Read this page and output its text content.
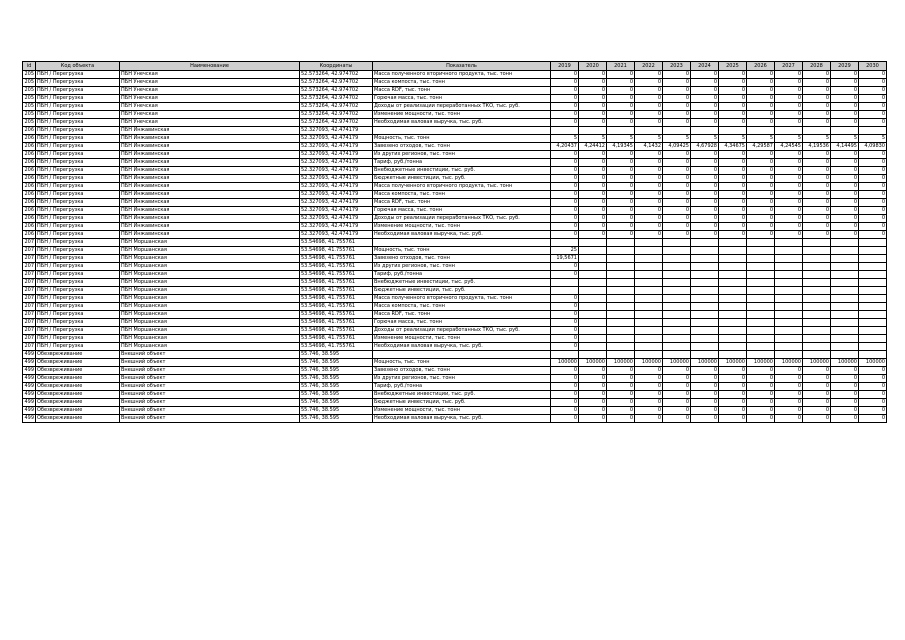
id	Код объекта	Наименование	Координаты	Показатель	2019	2020	2021	2022	2023	2024	2025	2026	2027	2028	2029	2030
205	ПБН / Перегрузка	ПБН Унечская	52.573264, 42.974702	Масса полученного вторичного продукта, тыс. тонн	0	0	0	0	0	0	0	0	0	0	0	0
205	ПБН / Перегрузка	ПБН Унечская	52.573264, 42.974702	Масса компоста, тыс. тонн	0	0	0	0	0	0	0	0	0	0	0	0
205	ПБН / Перегрузка	ПБН Унечская	52.573264, 42.974702	Масса RDF, тыс. тонн	0	0	0	0	0	0	0	0	0	0	0	0
205	ПБН / Перегрузка	ПБН Унечская	52.573264, 42.974702	Горючая масса, тыс. тонн	0	0	0	0	0	0	0	0	0	0	0	0
205	ПБН / Перегрузка	ПБН Унечская	52.573264, 42.974702	Доходы от реализации переработанных ТКО, тыс. руб.	0	0	0	0	0	0	0	0	0	0	0	0
205	ПБН / Перегрузка	ПБН Унечская	52.573264, 42.974702	Изменение мощности, тыс. тонн	0	0	0	0	0	0	0	0	0	0	0	0
205	ПБН / Перегрузка	ПБН Унечская	52.573264, 42.974702	Необходимая валовая выручка, тыс. руб.	0	0	0	0	0	0	0	0	0	0	0	0
206	ПБН / Перегрузка	ПБН Инжавинская	52.327093, 42.474179													
206	ПБН / Перегрузка	ПБН Инжавинская	52.327093, 42.474179	Мощность, тыс. тонн	5	5	5	5	5	5	5	5	5	5	5	5
206	ПБН / Перегрузка	ПБН Инжавинская	52.327093, 42.474179	Завезено отходов, тыс. тонн	4,20437	4,24412	4,19345	4,1432	4,09425	4,67928	4,34675	4,29587	4,24545	4,19536	4,14495	4,09830
206	ПБН / Перегрузка	ПБН Инжавинская	52.327093, 42.474179	Из других регионов, тыс. тонн	0	0	0	0	0	0	0	0	0	0	0	0
206	ПБН / Перегрузка	ПБН Инжавинская	52.327093, 42.474179	Тариф, руб./тонна	0	0	0	0	0	0	0	0	0	0	0	0
206	ПБН / Перегрузка	ПБН Инжавинская	52.327093, 42.474179	Внебюджетные инвестиции, тыс. руб.	0	0	0	0	0	0	0	0	0	0	0	0
206	ПБН / Перегрузка	ПБН Инжавинская	52.327093, 42.474179	Бюджетные инвестиции, тыс. руб.	0	0	0	0	0	0	0	0	0	0	0	0
206	ПБН / Перегрузка	ПБН Инжавинская	52.327093, 42.474179	Масса полученного вторичного продукта, тыс. тонн	0	0	0	0	0	0	0	0	0	0	0	0
206	ПБН / Перегрузка	ПБН Инжавинская	52.327093, 42.474179	Масса компоста, тыс. тонн	0	0	0	0	0	0	0	0	0	0	0	0
206	ПБН / Перегрузка	ПБН Инжавинская	52.327093, 42.474179	Масса RDF, тыс. тонн	0	0	0	0	0	0	0	0	0	0	0	0
206	ПБН / Перегрузка	ПБН Инжавинская	52.327093, 42.474179	Горючая масса, тыс. тонн	0	0	0	0	0	0	0	0	0	0	0	0
206	ПБН / Перегрузка	ПБН Инжавинская	52.327093, 42.474179	Доходы от реализации переработанных ТКО, тыс. руб.	0	0	0	0	0	0	0	0	0	0	0	0
206	ПБН / Перегрузка	ПБН Инжавинская	52.327093, 42.474179	Изменение мощности, тыс. тонн	0	0	0	0	0	0	0	0	0	0	0	0
206	ПБН / Перегрузка	ПБН Инжавинская	52.327093, 42.474179	Необходимая валовая выручка, тыс. руб.	0	0	0	0	0	0	0	0	0	0	0	0
207	ПБН / Перегрузка	ПБН Моршанская	53.54698, 41.755761													
207	ПБН / Перегрузка	ПБН Моршанская	53.54698, 41.755761	Мощность, тыс. тонн	25											
207	ПБН / Перегрузка	ПБН Моршанская	53.54698, 41.755761	Завезено отходов, тыс. тонн	19,5671											
207	ПБН / Перегрузка	ПБН Моршанская	53.54698, 41.755761	Из других регионов, тыс. тонн	0											
207	ПБН / Перегрузка	ПБН Моршанская	53.54698, 41.755761	Тариф, руб./тонна	0											
207	ПБН / Перегрузка	ПБН Моршанская	53.54698, 41.755761	Внебюджетные инвестиции, тыс. руб.												
207	ПБН / Перегрузка	ПБН Моршанская	53.54698, 41.755761	Бюджетные инвестиции, тыс. руб.												
207	ПБН / Перегрузка	ПБН Моршанская	53.54698, 41.755761	Масса полученного вторичного продукта, тыс. тонн	0											
207	ПБН / Перегрузка	ПБН Моршанская	53.54698, 41.755761	Масса компоста, тыс. тонн	0											
207	ПБН / Перегрузка	ПБН Моршанская	53.54698, 41.755761	Масса RDF, тыс. тонн	0											
207	ПБН / Перегрузка	ПБН Моршанская	53.54698, 41.755761	Горючая масса, тыс. тонн	0											
207	ПБН / Перегрузка	ПБН Моршанская	53.54698, 41.755761	Доходы от реализации переработанных ТКО, тыс. руб.	0											
207	ПБН / Перегрузка	ПБН Моршанская	53.54698, 41.755761	Изменение мощности, тыс. тонн	0											
207	ПБН / Перегрузка	ПБН Моршанская	53.54698, 41.755761	Необходимая валовая выручка, тыс. руб.	0											
499	Обезвреживание	Внешний объект	55.746, 38.595													
499	Обезвреживание	Внешний объект	55.746, 38.595	Мощность, тыс. тонн	100000	100000	100000	100000	100000	100000	100000	100000	100000	100000	100000	100000
499	Обезвреживание	Внешний объект	55.746, 38.595	Завезено отходов, тыс. тонн	0	0	0	0	0	0	0	0	0	0	0	0
499	Обезвреживание	Внешний объект	55.746, 38.595	Из других регионов, тыс. тонн	0	0	0	0	0	0	0	0	0	0	0	0
499	Обезвреживание	Внешний объект	55.746, 38.595	Тариф, руб./тонна	0	0	0	0	0	0	0	0	0	0	0	0
499	Обезвреживание	Внешний объект	55.746, 38.595	Внебюджетные инвестиции, тыс. руб.	0	0	0	0	0	0	0	0	0	0	0	0
499	Обезвреживание	Внешний объект	55.746, 38.595	Бюджетные инвестиции, тыс. руб.	0	0	0	0	0	0	0	0	0	0	0	0
499	Обезвреживание	Внешний объект	55.746, 38.595	Изменение мощности, тыс. тонн	0	0	0	0	0	0	0	0	0	0	0	0
499	Обезвреживание	Внешний объект	55.746, 38.595	Необходимая валовая выручка, тыс. руб.	0	0	0	0	0	0	0	0	0	0	0	0
